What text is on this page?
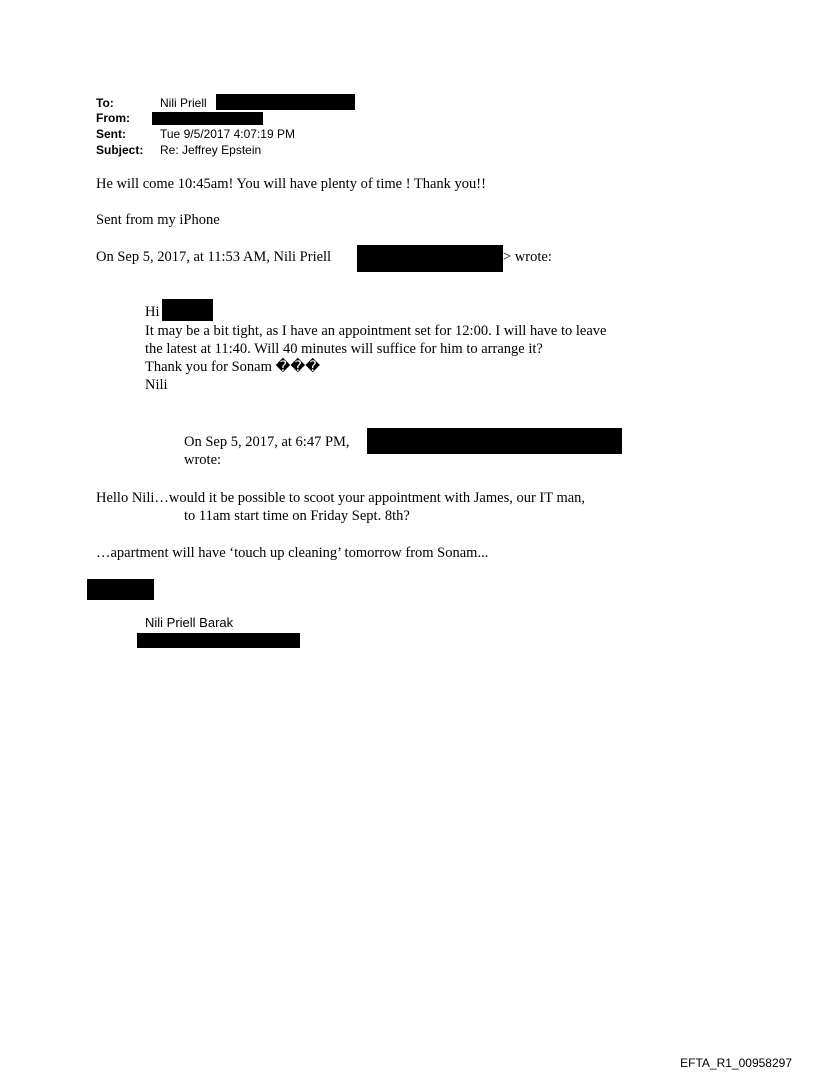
To:	Nili Priell
From:
Sent:	Tue 9/5/2017 4:07:19 PM
Subject: Re: Jeffrey Epstein
He will come 10:45am! You will have plenty of time ! Thank you!!
Sent from my iPhone
On Sep 5, 2017, at 11:53 AM, Nili Priell	> wrote:
Hi
It may be a bit tight, as I have an appointment set for 12:00. I will have to leave
the latest at 11:40. Will 40 minutes will suffice for him to arrange it?
Thank you for Sonam ���
Nili
On Sep 5, 2017, at 6:47 PM,
wrote:
Hello Nili…would it be possible to scoot your appointment with James, our IT man,
to 11am start time on Friday Sept. 8th?
…apartment will have ‘touch up cleaning’ tomorrow from Sonam...
Nili Priell Barak
EFTA_R1_00958297
